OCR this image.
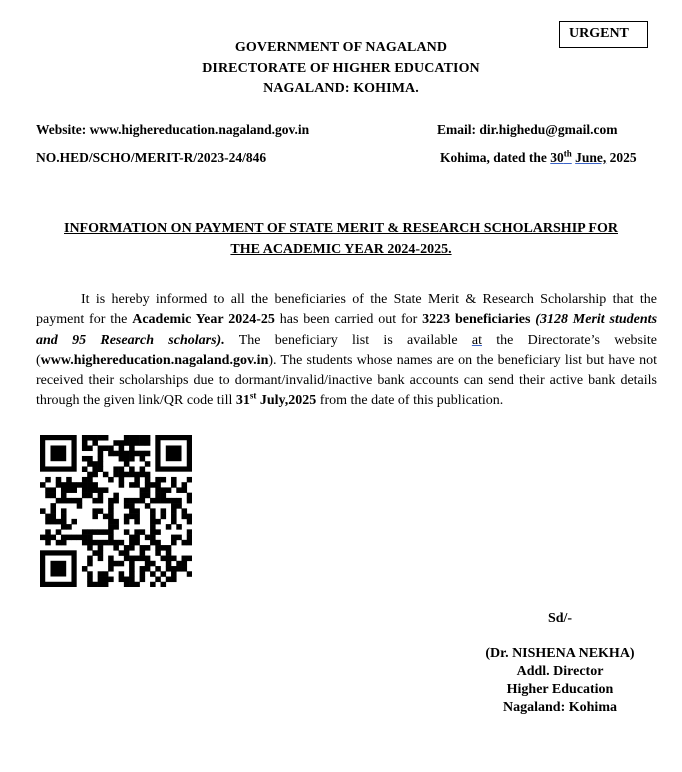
URGENT
GOVERNMENT OF NAGALAND
DIRECTORATE OF HIGHER EDUCATION
NAGALAND: KOHIMA.
Website: www.highereducation.nagaland.gov.in	Email: dir.highedu@gmail.com
NO.HED/SCHO/MERIT-R/2023-24/846	Kohima, dated the 30th June, 2025
INFORMATION ON PAYMENT OF STATE MERIT & RESEARCH SCHOLARSHIP FOR
THE ACADEMIC YEAR 2024-2025.
It is hereby informed to all the beneficiaries of the State Merit & Research Scholarship that the payment for the Academic Year 2024-25 has been carried out for 3223 beneficiaries (3128 Merit students and 95 Research scholars). The beneficiary list is available at the Directorate’s website (www.highereducation.nagaland.gov.in). The students whose names are on the beneficiary list but have not received their scholarships due to dormant/invalid/inactive bank accounts can send their active bank details through the given link/QR code till 31st July,2025 from the date of this publication.
Sd/-
(Dr. NISHENA NEKHA)
Addl. Director
Higher Education
Nagaland: Kohima
